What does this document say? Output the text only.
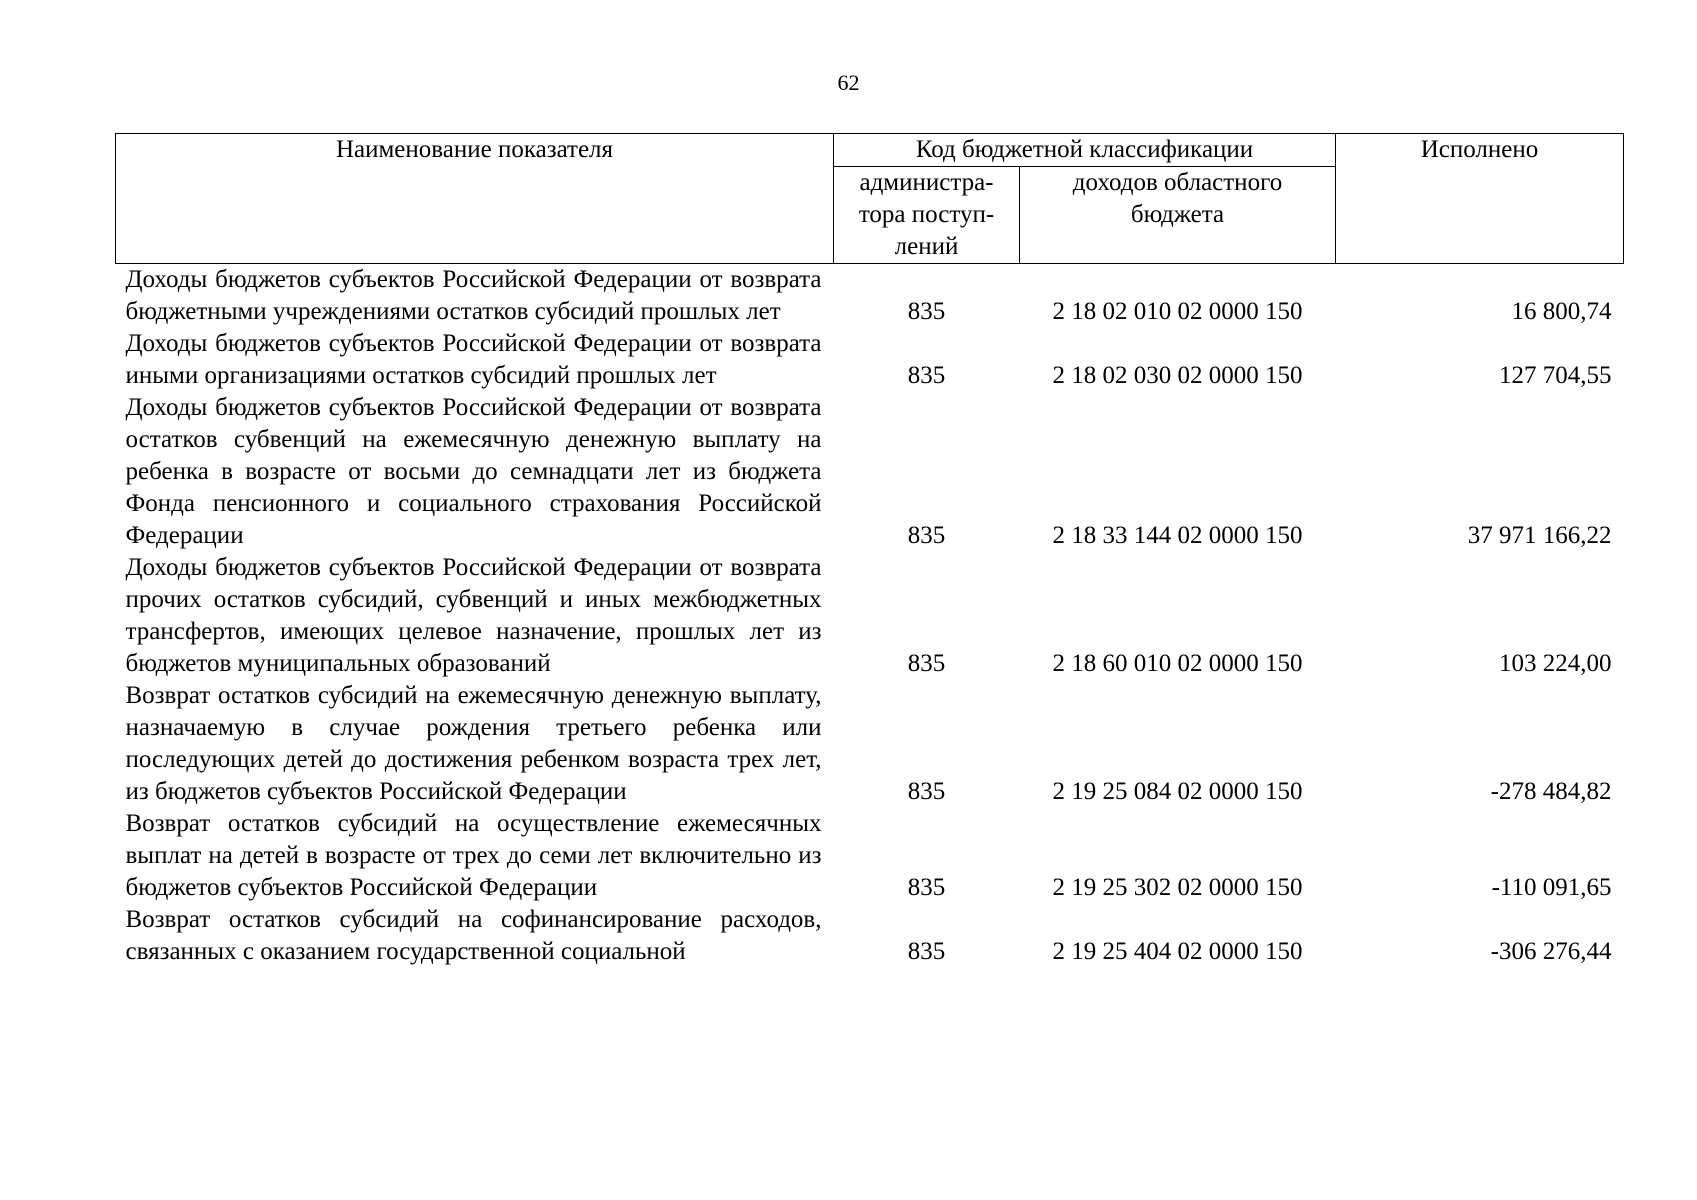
62
Наименование показателя	Код бюджетной классификации		Исполнено
	администра-тора поступ-лений	доходов областного бюджета	
Доходы бюджетов субъектов Российской Федерации от возврата бюджетными учреждениями остатков субсидий прошлых лет	835	2 18 02 010 02 0000 150	16 800,74
Доходы бюджетов субъектов Российской Федерации от возврата иными организациями остатков субсидий прошлых лет	835	2 18 02 030 02 0000 150	127 704,55
Доходы бюджетов субъектов Российской Федерации от возврата остатков субвенций на ежемесячную денежную выплату на ребенка в возрасте от восьми до семнадцати лет из бюджета Фонда пенсионного и социального страхования Российской Федерации	835	2 18 33 144 02 0000 150	37 971 166,22
Доходы бюджетов субъектов Российской Федерации от возврата прочих остатков субсидий, субвенций и иных межбюджетных трансфертов, имеющих целевое назначение, прошлых лет из бюджетов муниципальных образований	835	2 18 60 010 02 0000 150	103 224,00
Возврат остатков субсидий на ежемесячную денежную выплату, назначаемую в случае рождения третьего ребенка или последующих детей до достижения ребенком возраста трех лет, из бюджетов субъектов Российской Федерации	835	2 19 25 084 02 0000 150	-278 484,82
Возврат остатков субсидий на осуществление ежемесячных выплат на детей в возрасте от трех до семи лет включительно из бюджетов субъектов Российской Федерации	835	2 19 25 302 02 0000 150	-110 091,65
Возврат остатков субсидий на софинансирование расходов, связанных с оказанием государственной социальной	835	2 19 25 404 02 0000 150	-306 276,44
